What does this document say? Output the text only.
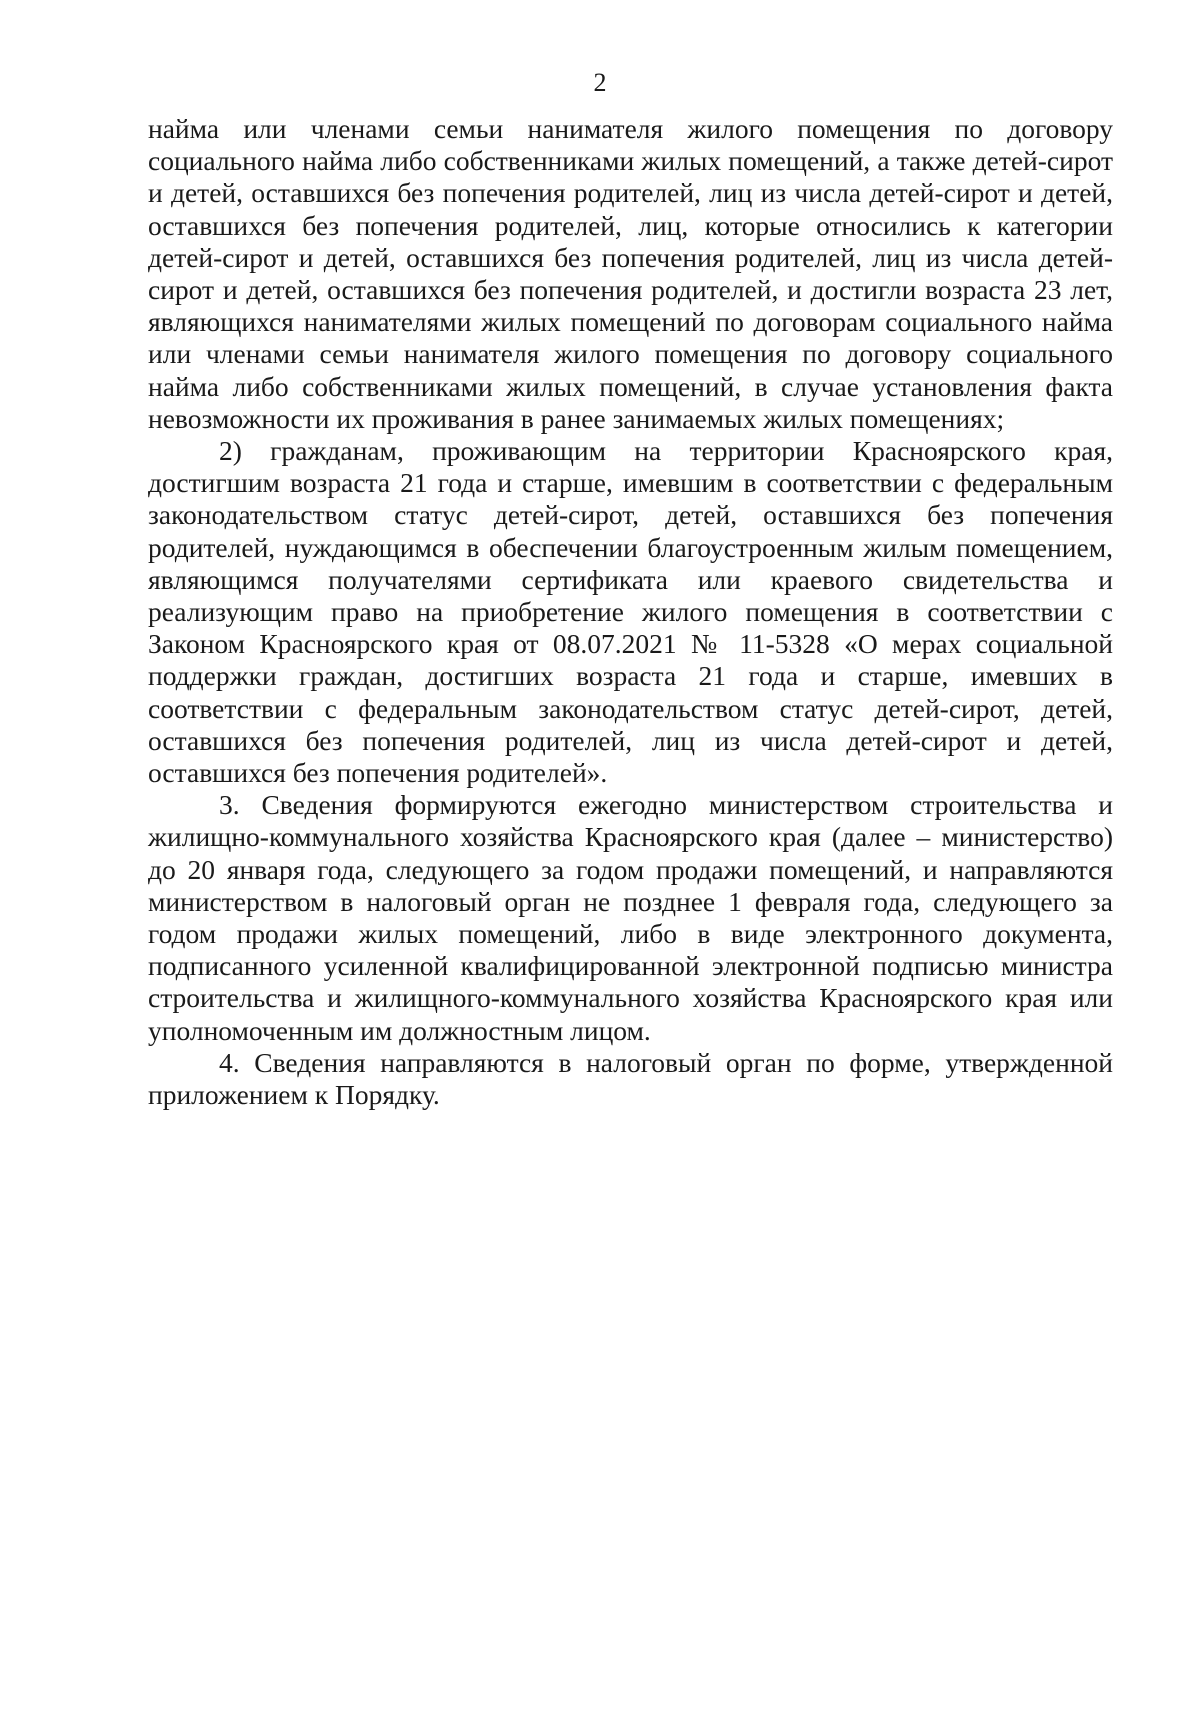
2

найма или членами семьи нанимателя жилого помещения по договору социального найма либо собственниками жилых помещений, а также детей-сирот и детей, оставшихся без попечения родителей, лиц из числа детей-сирот и детей, оставшихся без попечения родителей, лиц, которые относились к категории детей-сирот и детей, оставшихся без попечения родителей, лиц из числа детей-сирот и детей, оставшихся без попечения родителей, и достигли возраста 23 лет, являющихся нанимателями жилых помещений по договорам социального найма или членами семьи нанимателя жилого помещения по договору социального найма либо собственниками жилых помещений, в случае установления факта невозможности их проживания в ранее занимаемых жилых помещениях;

2) гражданам, проживающим на территории Красноярского края, достигшим возраста 21 года и старше, имевшим в соответствии с федеральным законодательством статус детей-сирот, детей, оставшихся без попечения родителей, нуждающимся в обеспечении благоустроенным жилым помещением, являющимся получателями сертификата или краевого свидетельства и реализующим право на приобретение жилого помещения в соответствии с Законом Красноярского края от 08.07.2021 № 11-5328 «О мерах социальной поддержки граждан, достигших возраста 21 года и старше, имевших в соответствии с федеральным законодательством статус детей-сирот, детей, оставшихся без попечения родителей, лиц из числа детей-сирот и детей, оставшихся без попечения родителей».

3. Сведения формируются ежегодно министерством строительства и жилищно-коммунального хозяйства Красноярского края (далее – министерство) до 20 января года, следующего за годом продажи помещений, и направляются министерством в налоговый орган не позднее 1 февраля года, следующего за годом продажи жилых помещений, либо в виде электронного документа, подписанного усиленной квалифицированной электронной подписью министра строительства и жилищного-коммунального хозяйства Красноярского края или уполномоченным им должностным лицом.

4. Сведения направляются в налоговый орган по форме, утвержденной приложением к Порядку.
